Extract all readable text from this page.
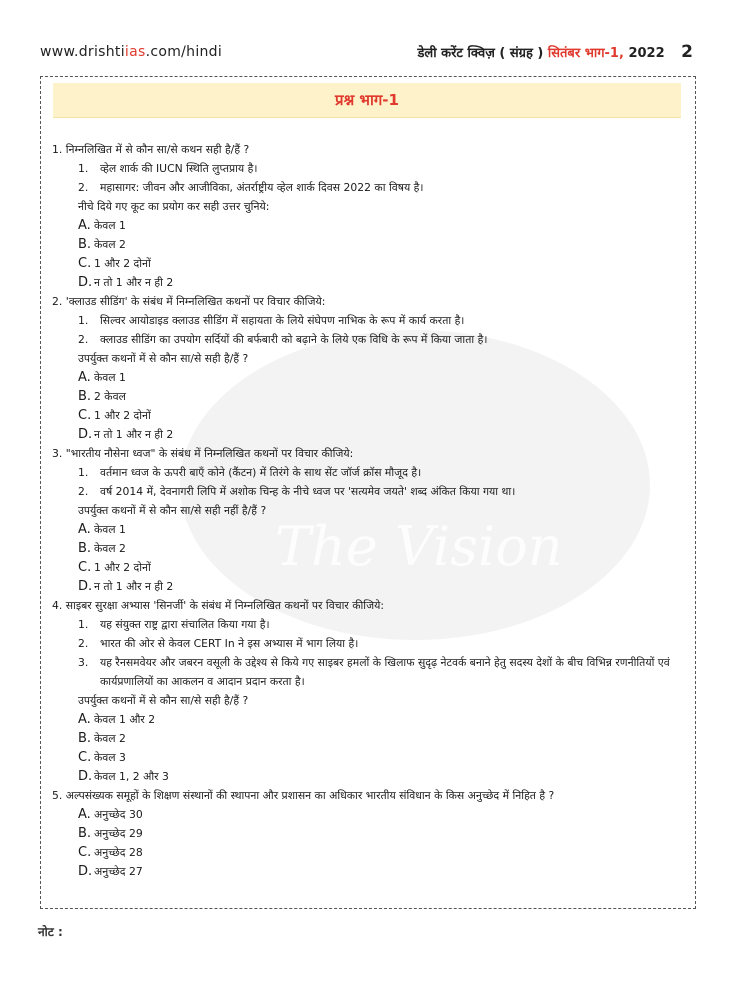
www.drishtiias.com/hindi	डेली करेंट क्विज़ ( संग्रह ) सितंबर भाग-1, 2022 2
The Vision
प्रश्न भाग-1
1. निम्नलिखित में से कौन सा/से कथन सही है/हैं ?
1.	व्हेल शार्क की IUCN स्थिति लुप्तप्राय है।
2.	महासागर: जीवन और आजीविका, अंतर्राष्ट्रीय व्हेल शार्क दिवस 2022 का विषय है।
नीचे दिये गए कूट का प्रयोग कर सही उत्तर चुनिये:
A. केवल 1
B. केवल 2
C. 1 और 2 दोनों
D. न तो 1 और न ही 2
2. 'क्लाउड सीडिंग' के संबंध में निम्नलिखित कथनों पर विचार कीजिये:
1.	सिल्वर आयोडाइड क्लाउड सीडिंग में सहायता के लिये संघेपण नाभिक के रूप में कार्य करता है।
2.	क्लाउड सीडिंग का उपयोग सर्दियों की बर्फबारी को बढ़ाने के लिये एक विधि के रूप में किया जाता है।
उपर्युक्त कथनों में से कौन सा/से सही है/हैं ?
A. केवल 1
B. 2 केवल
C. 1 और 2 दोनों
D. न तो 1 और न ही 2
3. "भारतीय नौसेना ध्वज" के संबंध में निम्नलिखित कथनों पर विचार कीजिये:
1.	वर्तमान ध्वज के ऊपरी बाएँ कोने (कैंटन) में तिरंगे के साथ सेंट जॉर्ज क्रॉस मौजूद है।
2.	वर्ष 2014 में, देवनागरी लिपि में अशोक चिन्ह के नीचे ध्वज पर 'सत्यमेव जयते' शब्द अंकित किया गया था।
उपर्युक्त कथनों में से कौन सा/से सही नहीं है/हैं ?
A. केवल 1
B. केवल 2
C. 1 और 2 दोनों
D. न तो 1 और न ही 2
4. साइबर सुरक्षा अभ्यास 'सिनर्जी' के संबंध में निम्नलिखित कथनों पर विचार कीजिये:
1.	यह संयुक्त राष्ट्र द्वारा संचालित किया गया है।
2.	भारत की ओर से केवल CERT In ने इस अभ्यास में भाग लिया है।
3.	यह रैनसमवेयर और जबरन वसूली के उद्देश्य से किये गए साइबर हमलों के खिलाफ सुदृढ़ नेटवर्क बनाने हेतु सदस्य देशों के बीच विभिन्न रणनीतियों एवं कार्यप्रणालियों का आकलन व आदान प्रदान करता है।
उपर्युक्त कथनों में से कौन सा/से सही है/हैं ?
A. केवल 1 और 2
B. केवल 2
C. केवल 3
D. केवल 1, 2 और 3
5. अल्पसंख्यक समूहों के शिक्षण संस्थानों की स्थापना और प्रशासन का अधिकार भारतीय संविधान के किस अनुच्छेद में निहित है ?
A. अनुच्छेद 30
B. अनुच्छेद 29
C. अनुच्छेद 28
D. अनुच्छेद 27
नोट :
